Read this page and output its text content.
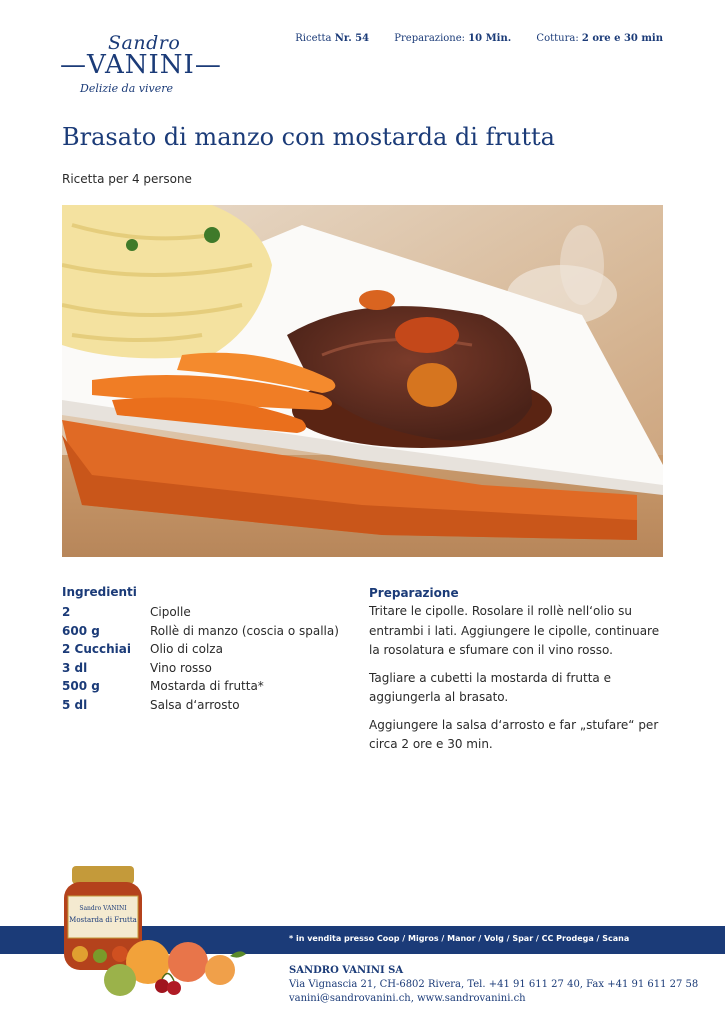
Sandro
—VANINI—
Delizie da vivere
Ricetta Nr. 54	Preparazione: 10 Min.	Cottura: 2 ore e 30 min
Brasato di manzo con mostarda di frutta
Ricetta per 4 persone
Ingredienti
2	Cipolle
600 g	Rollè di manzo (coscia o spalla)
2 Cucchiai	Olio di colza
3 dl	Vino rosso
500 g	Mostarda di frutta*
5 dl	Salsa d‘arrosto
Preparazione

Tritare le cipolle. Rosolare il rollè nell‘olio su entrambi i lati. Aggiungere le cipolle, continuare la rosolatura e sfumare con il vino rosso.

Tagliare a cubetti la mostarda di frutta e aggiungerla al brasato.

Aggiungere la salsa d‘arrosto e far „stufare“ per circa 2 ore e 30 min.

* in vendita presso Coop / Migros / Manor / Volg / Spar / CC Prodega / Scana
Sandro VANINI
Mostarda di Frutta
SANDRO VANINI SA
Via Vignascia 21, CH-6802 Rivera, Tel. +41 91 611 27 40, Fax +41 91 611 27 58
vanini@sandrovanini.ch, www.sandrovanini.ch
